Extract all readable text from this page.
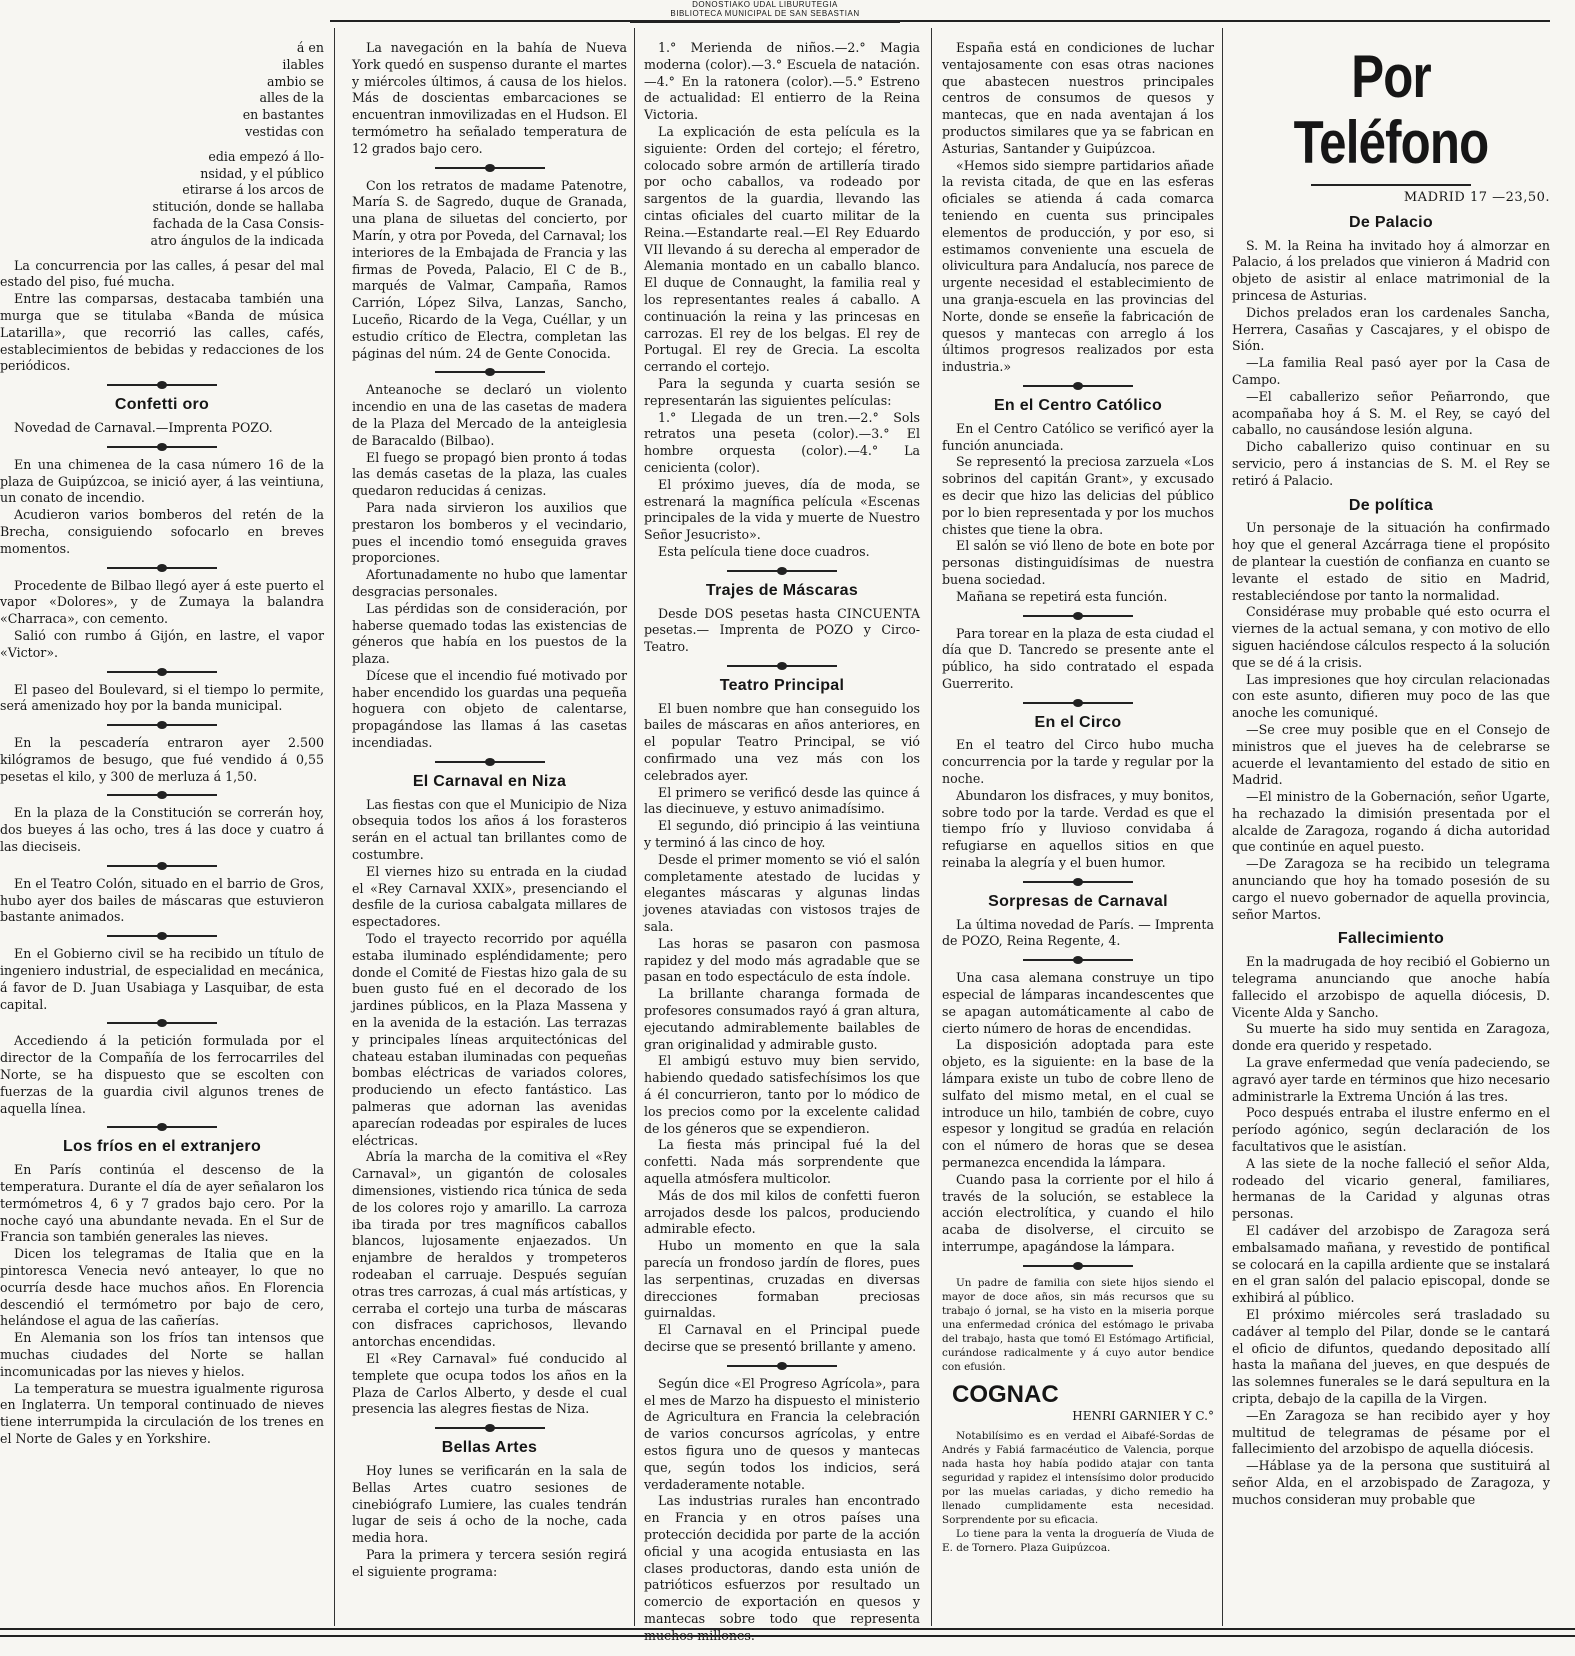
DONOSTIAKO UDAL LIBURUTEGIA
BIBLIOTECA MUNICIPAL DE SAN SEBASTIAN

á en

ilables

ambio se

alles de la

en bastantes

vestidas con

edia empezó á llo-

nsidad, y el público

etirarse á los arcos de

stitución, donde se hallaba

fachada de la Casa Consis-

atro ángulos de la indicada

La concurrencia por las calles, á pesar del mal estado del piso, fué mucha.

Entre las comparsas, destacaba también una murga que se titulaba «Banda de música Latarilla», que recorrió las calles, cafés, establecimientos de bebidas y redacciones de los periódicos.

Confetti oro

Novedad de Carnaval.—Imprenta POZO.

En una chimenea de la casa número 16 de la plaza de Guipúzcoa, se inició ayer, á las veintiuna, un conato de incendio.

Acudieron varios bomberos del retén de la Brecha, consiguiendo sofocarlo en breves momentos.

Procedente de Bilbao llegó ayer á este puerto el vapor «Dolores», y de Zumaya la balandra «Charraca», con cemento.

Salió con rumbo á Gijón, en lastre, el vapor «Victor».

El paseo del Boulevard, si el tiempo lo permite, será amenizado hoy por la banda municipal.

En la pescadería entraron ayer 2.500 kilógramos de besugo, que fué vendido á 0,55 pesetas el kilo, y 300 de merluza á 1,50.

En la plaza de la Constitución se correrán hoy, dos bueyes á las ocho, tres á las doce y cuatro á las dieciseis.

En el Teatro Colón, situado en el barrio de Gros, hubo ayer dos bailes de máscaras que estuvieron bastante animados.

En el Gobierno civil se ha recibido un título de ingeniero industrial, de especialidad en mecánica, á favor de D. Juan Usabiaga y Lasquibar, de esta capital.

Accediendo á la petición formulada por el director de la Compañía de los ferrocarriles del Norte, se ha dispuesto que se escolten con fuerzas de la guardia civil algunos trenes de aquella línea.

Los fríos en el extranjero

En París continúa el descenso de la temperatura. Durante el día de ayer señalaron los termómetros 4, 6 y 7 grados bajo cero. Por la noche cayó una abundante nevada. En el Sur de Francia son también generales las nieves.

Dicen los telegramas de Italia que en la pintoresca Venecia nevó anteayer, lo que no ocurría desde hace muchos años. En Florencia descendió el termómetro por bajo de cero, helándose el agua de las cañerías.

En Alemania son los fríos tan intensos que muchas ciudades del Norte se hallan incomunicadas por las nieves y hielos.

La temperatura se muestra igualmente rigurosa en Inglaterra. Un temporal continuado de nieves tiene interrumpida la circulación de los trenes en el Norte de Gales y en Yorkshire.

La navegación en la bahía de Nueva York quedó en suspenso durante el martes y miércoles últimos, á causa de los hielos. Más de doscientas embarcaciones se encuentran inmovilizadas en el Hudson. El termómetro ha señalado temperatura de 12 grados bajo cero.

Con los retratos de madame Patenotre, María S. de Sagredo, duque de Granada, una plana de siluetas del concierto, por Marín, y otra por Poveda, del Carnaval; los interiores de la Embajada de Francia y las firmas de Poveda, Palacio, El C de B., marqués de Valmar, Campaña, Ramos Carrión, López Silva, Lanzas, Sancho, Luceño, Ricardo de la Vega, Cuéllar, y un estudio crítico de Electra, completan las páginas del núm. 24 de Gente Conocida.

Anteanoche se declaró un violento incendio en una de las casetas de madera de la Plaza del Mercado de la anteiglesia de Baracaldo (Bilbao).

El fuego se propagó bien pronto á todas las demás casetas de la plaza, las cuales quedaron reducidas á cenizas.

Para nada sirvieron los auxilios que prestaron los bomberos y el vecindario, pues el incendio tomó enseguida graves proporciones.

Afortunadamente no hubo que lamentar desgracias personales.

Las pérdidas son de consideración, por haberse quemado todas las existencias de géneros que había en los puestos de la plaza.

Dícese que el incendio fué motivado por haber encendido los guardas una pequeña hoguera con objeto de calentarse, propagándose las llamas á las casetas incendiadas.

El Carnaval en Niza

Las fiestas con que el Municipio de Niza obsequia todos los años á los forasteros serán en el actual tan brillantes como de costumbre.

El viernes hizo su entrada en la ciudad el «Rey Carnaval XXIX», presenciando el desfile de la curiosa cabalgata millares de espectadores.

Todo el trayecto recorrido por aquélla estaba iluminado espléndidamente; pero donde el Comité de Fiestas hizo gala de su buen gusto fué en el decorado de los jardines públicos, en la Plaza Massena y en la avenida de la estación. Las terrazas y principales líneas arquitectónicas del chateau estaban iluminadas con pequeñas bombas eléctricas de variados colores, produciendo un efecto fantástico. Las palmeras que adornan las avenidas aparecían rodeadas por espirales de luces eléctricas.

Abría la marcha de la comitiva el «Rey Carnaval», un gigantón de colosales dimensiones, vistiendo rica túnica de seda de los colores rojo y amarillo. La carroza iba tirada por tres magníficos caballos blancos, lujosamente enjaezados. Un enjambre de heraldos y trompeteros rodeaban el carruaje. Después seguían otras tres carrozas, á cual más artísticas, y cerraba el cortejo una turba de máscaras con disfraces caprichosos, llevando antorchas encendidas.

El «Rey Carnaval» fué conducido al templete que ocupa todos los años en la Plaza de Carlos Alberto, y desde el cual presencia las alegres fiestas de Niza.

Bellas Artes

Hoy lunes se verificarán en la sala de Bellas Artes cuatro sesiones de cinebiógrafo Lumiere, las cuales tendrán lugar de seis á ocho de la noche, cada media hora.

Para la primera y tercera sesión regirá el siguiente programa:

1.° Merienda de niños.—2.° Magia moderna (color).—3.° Escuela de natación.—4.° En la ratonera (color).—5.° Estreno de actualidad: El entierro de la Reina Victoria.

La explicación de esta película es la siguiente: Orden del cortejo; el féretro, colocado sobre armón de artillería tirado por ocho caballos, va rodeado por sargentos de la guardia, llevando las cintas oficiales del cuarto militar de la Reina.—Estandarte real.—El Rey Eduardo VII llevando á su derecha al emperador de Alemania montado en un caballo blanco. El duque de Connaught, la familia real y los representantes reales á caballo. A continuación la reina y las princesas en carrozas. El rey de los belgas. El rey de Portugal. El rey de Grecia. La escolta cerrando el cortejo.

Para la segunda y cuarta sesión se representarán las siguientes películas:

1.° Llegada de un tren.—2.° Sols retratos una peseta (color).—3.° El hombre orquesta (color).—4.° La cenicienta (color).

El próximo jueves, día de moda, se estrenará la magnífica película «Escenas principales de la vida y muerte de Nuestro Señor Jesucristo».

Esta película tiene doce cuadros.

Trajes de Máscaras

Desde DOS pesetas hasta CINCUENTA pesetas.— Imprenta de POZO y Circo-Teatro.

Teatro Principal

El buen nombre que han conseguido los bailes de máscaras en años anteriores, en el popular Teatro Principal, se vió confirmado una vez más con los celebrados ayer.

El primero se verificó desde las quince á las diecinueve, y estuvo animadísimo.

El segundo, dió principio á las veintiuna y terminó á las cinco de hoy.

Desde el primer momento se vió el salón completamente atestado de lucidas y elegantes máscaras y algunas lindas jovenes ataviadas con vistosos trajes de sala.

Las horas se pasaron con pasmosa rapidez y del modo más agradable que se pasan en todo espectáculo de esta índole.

La brillante charanga formada de profesores consumados rayó á gran altura, ejecutando admirablemente bailables de gran originalidad y admirable gusto.

El ambigú estuvo muy bien servido, habiendo quedado satisfechísimos los que á él concurrieron, tanto por lo módico de los precios como por la excelente calidad de los géneros que se expendieron.

La fiesta más principal fué la del confetti. Nada más sorprendente que aquella atmósfera multicolor.

Más de dos mil kilos de confetti fueron arrojados desde los palcos, produciendo admirable efecto.

Hubo un momento en que la sala parecía un frondoso jardín de flores, pues las serpentinas, cruzadas en diversas direcciones formaban preciosas guirnaldas.

El Carnaval en el Principal puede decirse que se presentó brillante y ameno.

Según dice «El Progreso Agrícola», para el mes de Marzo ha dispuesto el ministerio de Agricultura en Francia la celebración de varios concursos agrícolas, y entre estos figura uno de quesos y mantecas que, según todos los indicios, será verdaderamente notable.

Las industrias rurales han encontrado en Francia y en otros países una protección decidida por parte de la acción oficial y una acogida entusiasta en las clases productoras, dando esta unión de patrióticos esfuerzos por resultado un comercio de exportación en quesos y mantecas sobre todo que representa muchos millones.

España está en condiciones de luchar ventajosamente con esas otras naciones que abastecen nuestros principales centros de consumos de quesos y mantecas, que en nada aventajan á los productos similares que ya se fabrican en Asturias, Santander y Guipúzcoa.

«Hemos sido siempre partidarios añade la revista citada, de que en las esferas oficiales se atienda á cada comarca teniendo en cuenta sus principales elementos de producción, y por eso, si estimamos conveniente una escuela de olivicultura para Andalucía, nos parece de urgente necesidad el establecimiento de una granja-escuela en las provincias del Norte, donde se enseñe la fabricación de quesos y mantecas con arreglo á los últimos progresos realizados por esta industria.»

En el Centro Católico

En el Centro Católico se verificó ayer la función anunciada.

Se representó la preciosa zarzuela «Los sobrinos del capitán Grant», y excusado es decir que hizo las delicias del público por lo bien representada y por los muchos chistes que tiene la obra.

El salón se vió lleno de bote en bote por personas distinguidísimas de nuestra buena sociedad.

Mañana se repetirá esta función.

Para torear en la plaza de esta ciudad el día que D. Tancredo se presente ante el público, ha sido contratado el espada Guerrerito.

En el Circo

En el teatro del Circo hubo mucha concurrencia por la tarde y regular por la noche.

Abundaron los disfraces, y muy bonitos, sobre todo por la tarde. Verdad es que el tiempo frío y lluvioso convidaba á refugiarse en aquellos sitios en que reinaba la alegría y el buen humor.

Sorpresas de Carnaval

La última novedad de París. — Imprenta de POZO, Reina Regente, 4.

Una casa alemana construye un tipo especial de lámparas incandescentes que se apagan automáticamente al cabo de cierto número de horas de encendidas.

La disposición adoptada para este objeto, es la siguiente: en la base de la lámpara existe un tubo de cobre lleno de sulfato del mismo metal, en el cual se introduce un hilo, también de cobre, cuyo espesor y longitud se gradúa en relación con el número de horas que se desea permanezca encendida la lámpara.

Cuando pasa la corriente por el hilo á través de la solución, se establece la acción electrolítica, y cuando el hilo acaba de disolverse, el circuito se interrumpe, apagándose la lámpara.

Un padre de familia con siete hijos siendo el mayor de doce años, sin más recursos que su trabajo ó jornal, se ha visto en la miseria porque una enfermedad crónica del estómago le privaba del trabajo, hasta que tomó El Estómago Artificial, curándose radicalmente y á cuyo autor bendice con efusión.

COGNAC
HENRI GARNIER Y C.°

Notabilísimo es en verdad el Aibafé-Sordas de Andrés y Fabiá farmacéutico de Valencia, porque nada hasta hoy había podido atajar con tanta seguridad y rapidez el intensísimo dolor producido por las muelas cariadas, y dicho remedio ha llenado cumplidamente esta necesidad. Sorprendente por su eficacia.

Lo tiene para la venta la droguería de Viuda de E. de Tornero. Plaza Guipúzcoa.

Por Teléfono
MADRID 17 —23,50.
De Palacio

S. M. la Reina ha invitado hoy á almorzar en Palacio, á los prelados que vinieron á Madrid con objeto de asistir al enlace matrimonial de la princesa de Asturias.

Dichos prelados eran los cardenales Sancha, Herrera, Casañas y Cascajares, y el obispo de Sión.

—La familia Real pasó ayer por la Casa de Campo.

—El caballerizo señor Peñarrondo, que acompañaba hoy á S. M. el Rey, se cayó del caballo, no causándose lesión alguna.

Dicho caballerizo quiso continuar en su servicio, pero á instancias de S. M. el Rey se retiró á Palacio.

De política

Un personaje de la situación ha confirmado hoy que el general Azcárraga tiene el propósito de plantear la cuestión de confianza en cuanto se levante el estado de sitio en Madrid, restableciéndose por tanto la normalidad.

Considérase muy probable qué esto ocurra el viernes de la actual semana, y con motivo de ello siguen haciéndose cálculos respecto á la solución que se dé á la crisis.

Las impresiones que hoy circulan relacionadas con este asunto, difieren muy poco de las que anoche les comuniqué.

—Se cree muy posible que en el Consejo de ministros que el jueves ha de celebrarse se acuerde el levantamiento del estado de sitio en Madrid.

—El ministro de la Gobernación, señor Ugarte, ha rechazado la dimisión presentada por el alcalde de Zaragoza, rogando á dicha autoridad que continúe en aquel puesto.

—De Zaragoza se ha recibido un telegrama anunciando que hoy ha tomado posesión de su cargo el nuevo gobernador de aquella provincia, señor Martos.

Fallecimiento

En la madrugada de hoy recibió el Gobierno un telegrama anunciando que anoche había fallecido el arzobispo de aquella diócesis, D. Vicente Alda y Sancho.

Su muerte ha sido muy sentida en Zaragoza, donde era querido y respetado.

La grave enfermedad que venía padeciendo, se agravó ayer tarde en términos que hizo necesario administrarle la Extrema Unción á las tres.

Poco después entraba el ilustre enfermo en el período agónico, según declaración de los facultativos que le asistían.

A las siete de la noche falleció el señor Alda, rodeado del vicario general, familiares, hermanas de la Caridad y algunas otras personas.

El cadáver del arzobispo de Zaragoza será embalsamado mañana, y revestido de pontifical se colocará en la capilla ardiente que se instalará en el gran salón del palacio episcopal, donde se exhibirá al público.

El próximo miércoles será trasladado su cadáver al templo del Pilar, donde se le cantará el oficio de difuntos, quedando depositado allí hasta la mañana del jueves, en que después de las solemnes funerales se le dará sepultura en la cripta, debajo de la capilla de la Virgen.

—En Zaragoza se han recibido ayer y hoy multitud de telegramas de pésame por el fallecimiento del arzobispo de aquella diócesis.

—Háblase ya de la persona que sustituirá al señor Alda, en el arzobispado de Zaragoza, y muchos consideran muy probable que
